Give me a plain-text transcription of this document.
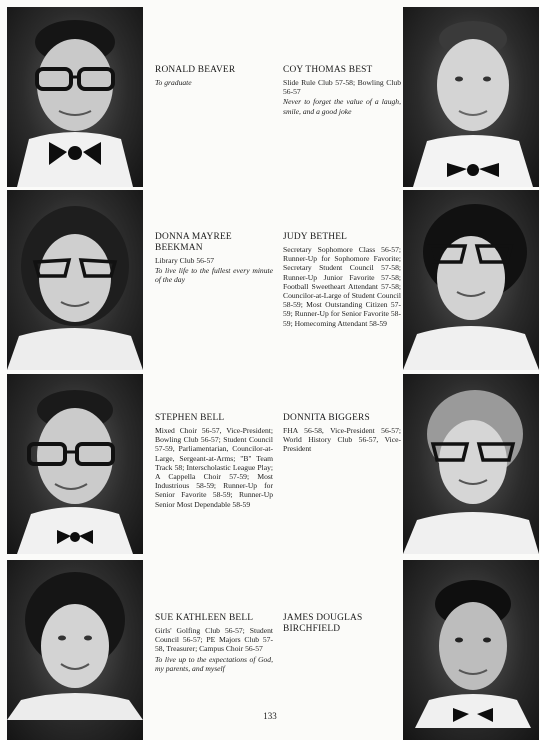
RONALD BEAVER
To graduate
COY THOMAS BEST
Slide Rule Club 57-58; Bowling Club 56-57
Never to forget the value of a laugh, smile, and a good joke
DONNA MAYREE BEEKMAN
Library Club 56-57
To live life to the fullest every minute of the day
JUDY BETHEL
Secretary Sophomore Class 56-57; Runner-Up for Sophomore Favorite; Secretary Student Council 57-58; Runner-Up Junior Favorite 57-58; Football Sweetheart Attendant 57-58; Councilor-at-Large of Student Council 58-59; Most Outstanding Citizen 57-59; Runner-Up for Senior Favorite 58-59; Homecoming Attendant 58-59
STEPHEN BELL
Mixed Choir 56-57, Vice-President; Bowling Club 56-57; Student Council 57-59, Parliamentarian, Councilor-at-Large, Sergeant-at-Arms; "B" Team Track 58; Interscholastic League Play; A Cappella Choir 57-59; Most Industrious 58-59; Runner-Up for Senior Favorite 58-59; Runner-Up Senior Most Dependable 58-59
DONNITA BIGGERS
FHA 56-58, Vice-President 56-57; World History Club 56-57, Vice-President
SUE KATHLEEN BELL
Girls' Golfing Club 56-57; Student Council 56-57; PE Majors Club 57-58, Treasurer; Campus Choir 56-57
To live up to the expectations of God, my parents, and myself
JAMES DOUGLAS BIRCHFIELD
133
